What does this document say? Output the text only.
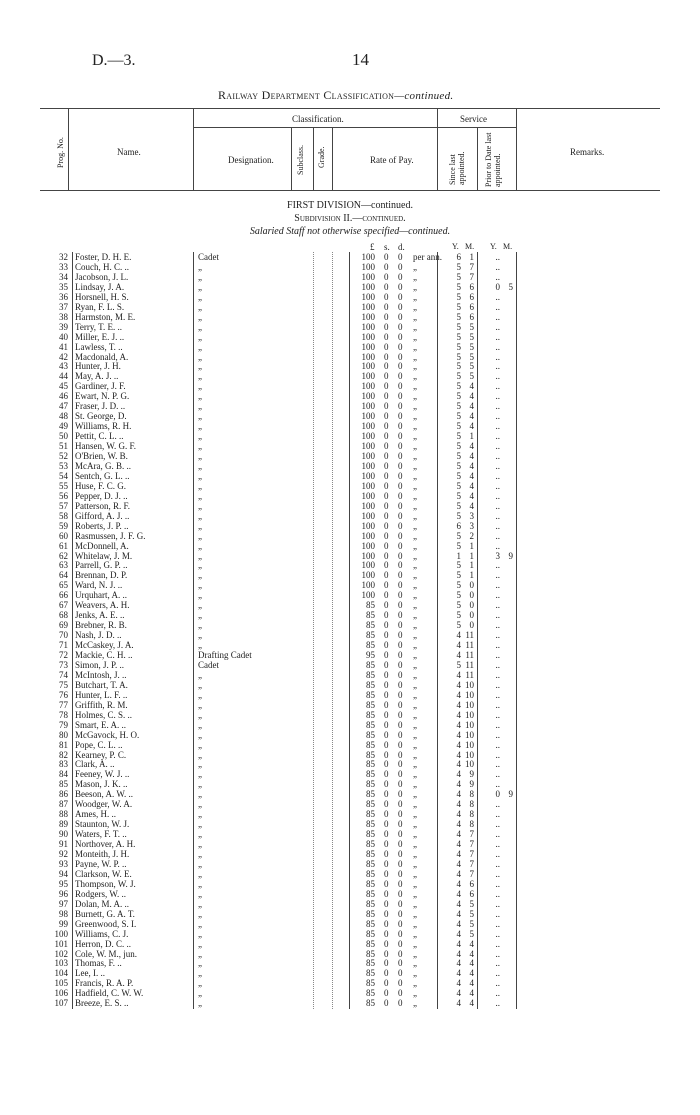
D.—3.	14
Railway Department Classification—continued.
Prog. No.	Name.
Classification.
Designation.	Subclass. Grade.	Rate of Pay.
Service
Since last appointed. Prior to Date last appointed.
Remarks.
FIRST DIVISION—continued.
Subdivision II.—continued.
Salaried Staff not otherwise specified—continued.
£ s. d.	Y. M. Y. M.
32 Foster, D. H. E.	Cadet	100 0 0 per ann.	6 1	..
33 Couch, H. C. ..	„	100 0 0 „	5 7	..
34 Jacobson, J. L.	„	100 0 0 „	5 7	..
35 Lindsay, J. A.	„	100 0 0 „	5 6	0 5
36 Horsnell, H. S.	„	100 0 0 „	5 6	..
37 Ryan, F. L. S.	„	100 0 0 „	5 6	..
38 Harmston, M. E.	„	100 0 0 „	5 6	..
39 Terry, T. E. ..	„	100 0 0 „	5 5	..
40 Miller, E. J. ..	„	100 0 0 „	5 5	..
41 Lawless, T. ..	„	100 0 0 „	5 5	..
42 Macdonald, A.	„	100 0 0 „	5 5	..
43 Hunter, J. H.	„	100 0 0 „	5 5	..
44 May, A. J. ..	„	100 0 0 „	5 5	..
45 Gardiner, J. F.	„	100 0 0 „	5 4	..
46 Ewart, N. P. G.	„	100 0 0 „	5 4	..
47 Fraser, J. D. ..	„	100 0 0 „	5 4	..
48 St. George, D.	„	100 0 0 „	5 4	..
49 Williams, R. H.	„	100 0 0 „	5 4	..
50 Pettit, C. L. ..	„	100 0 0 „	5 1	..
51 Hansen, W. G. F.	„	100 0 0 „	5 4	..
52 O'Brien, W. B.	„	100 0 0 „	5 4	..
53 McAra, G. B. ..	„	100 0 0 „	5 4	..
54 Sentch, G. L. ..	„	100 0 0 „	5 4	..
55 Huse, F. C. G.	„	100 0 0 „	5 4	..
56 Pepper, D. J. ..	„	100 0 0 „	5 4	..
57 Patterson, R. F.	„	100 0 0 „	5 4	..
58 Gifford, A. J. ..	„	100 0 0 „	5 3	..
59 Roberts, J. P. ..	„	100 0 0 „	6 3	..
60 Rasmussen, J. F. G.	„	100 0 0 „	5 2	..
61 McDonnell, A.	„	100 0 0 „	5 1	..
62 Whitelaw, J. M.	„	100 0 0 „	1 1	3 9
63 Parrell, G. P. ..	„	100 0 0 „	5 1	..
64 Brennan, D. P.	„	100 0 0 „	5 1	..
65 Ward, N. J. ..	„	100 0 0 „	5 0	..
66 Urquhart, A. ..	„	100 0 0 „	5 0	..
67 Weavers, A. H.	„	85 0 0 „	5 0	..
68 Jenks, A. E. ..	„	85 0 0 „	5 0	..
69 Brebner, R. B.	„	85 0 0 „	5 0	..
70 Nash, J. D. ..	„	85 0 0 „	4 11	..
71 McCaskey, J. A.	„	85 0 0 „	4 11	..
72 Mackie, C. H. ..	Drafting Cadet	95 0 0 „	4 11	..
73 Simon, J. P. ..	Cadet	85 0 0 „	5 11	..
74 McIntosh, J. ..	„	85 0 0 „	4 11	..
75 Butchart, T. A.	„	85 0 0 „	4 10	..
76 Hunter, L. F. ..	„	85 0 0 „	4 10	..
77 Griffith, R. M.	„	85 0 0 „	4 10	..
78 Holmes, C. S. ..	„	85 0 0 „	4 10	..
79 Smart, E. A. ..	„	85 0 0 „	4 10	..
80 McGavock, H. O.	„	85 0 0 „	4 10	..
81 Pope, C. L. ..	„	85 0 0 „	4 10	..
82 Kearney, P. C.	„	85 0 0 „	4 10	..
83 Clark, A. ..	„	85 0 0 „	4 10	..
84 Feeney, W. J. ..	„	85 0 0 „	4 9	..
85 Mason, J. K. ..	„	85 0 0 „	4 9	..
86 Beeson, A. W. ..	„	85 0 0 „	4 8	0 9
87 Woodger, W. A.	„	85 0 0 „	4 8	..
88 Ames, H. ..	„	85 0 0 „	4 8	..
89 Staunton, W. J.	„	85 0 0 „	4 8	..
90 Waters, F. T. ..	„	85 0 0 „	4 7	..
91 Northover, A. H.	„	85 0 0 „	4 7	..
92 Monteith, J. H.	„	85 0 0 „	4 7	..
93 Payne, W. P. ..	„	85 0 0 „	4 7	..
94 Clarkson, W. E.	„	85 0 0 „	4 7	..
95 Thompson, W. J.	„	85 0 0 „	4 6	..
96 Rodgers, W. ..	„	85 0 0 „	4 6	..
97 Dolan, M. A. ..	„	85 0 0 „	4 5	..
98 Burnett, G. A. T.	„	85 0 0 „	4 5	..
99 Greenwood, S. I.	„	85 0 0 „	4 5	..
100 Williams, C. J.	„	85 0 0 „	4 5	..
101 Herron, D. C. ..	„	85 0 0 „	4 4	..
102 Cole, W. M., jun.	„	85 0 0 „	4 4	..
103 Thomas, F. ..	„	85 0 0 „	4 4	..
104 Lee, I. ..	„	85 0 0 „	4 4	..
105 Francis, R. A. P.	„	85 0 0 „	4 4	..
106 Hadfield, C. W. W.	„	85 0 0 „	4 4	..
107 Breeze, E. S. ..	„	85 0 0 „	4 4	..
